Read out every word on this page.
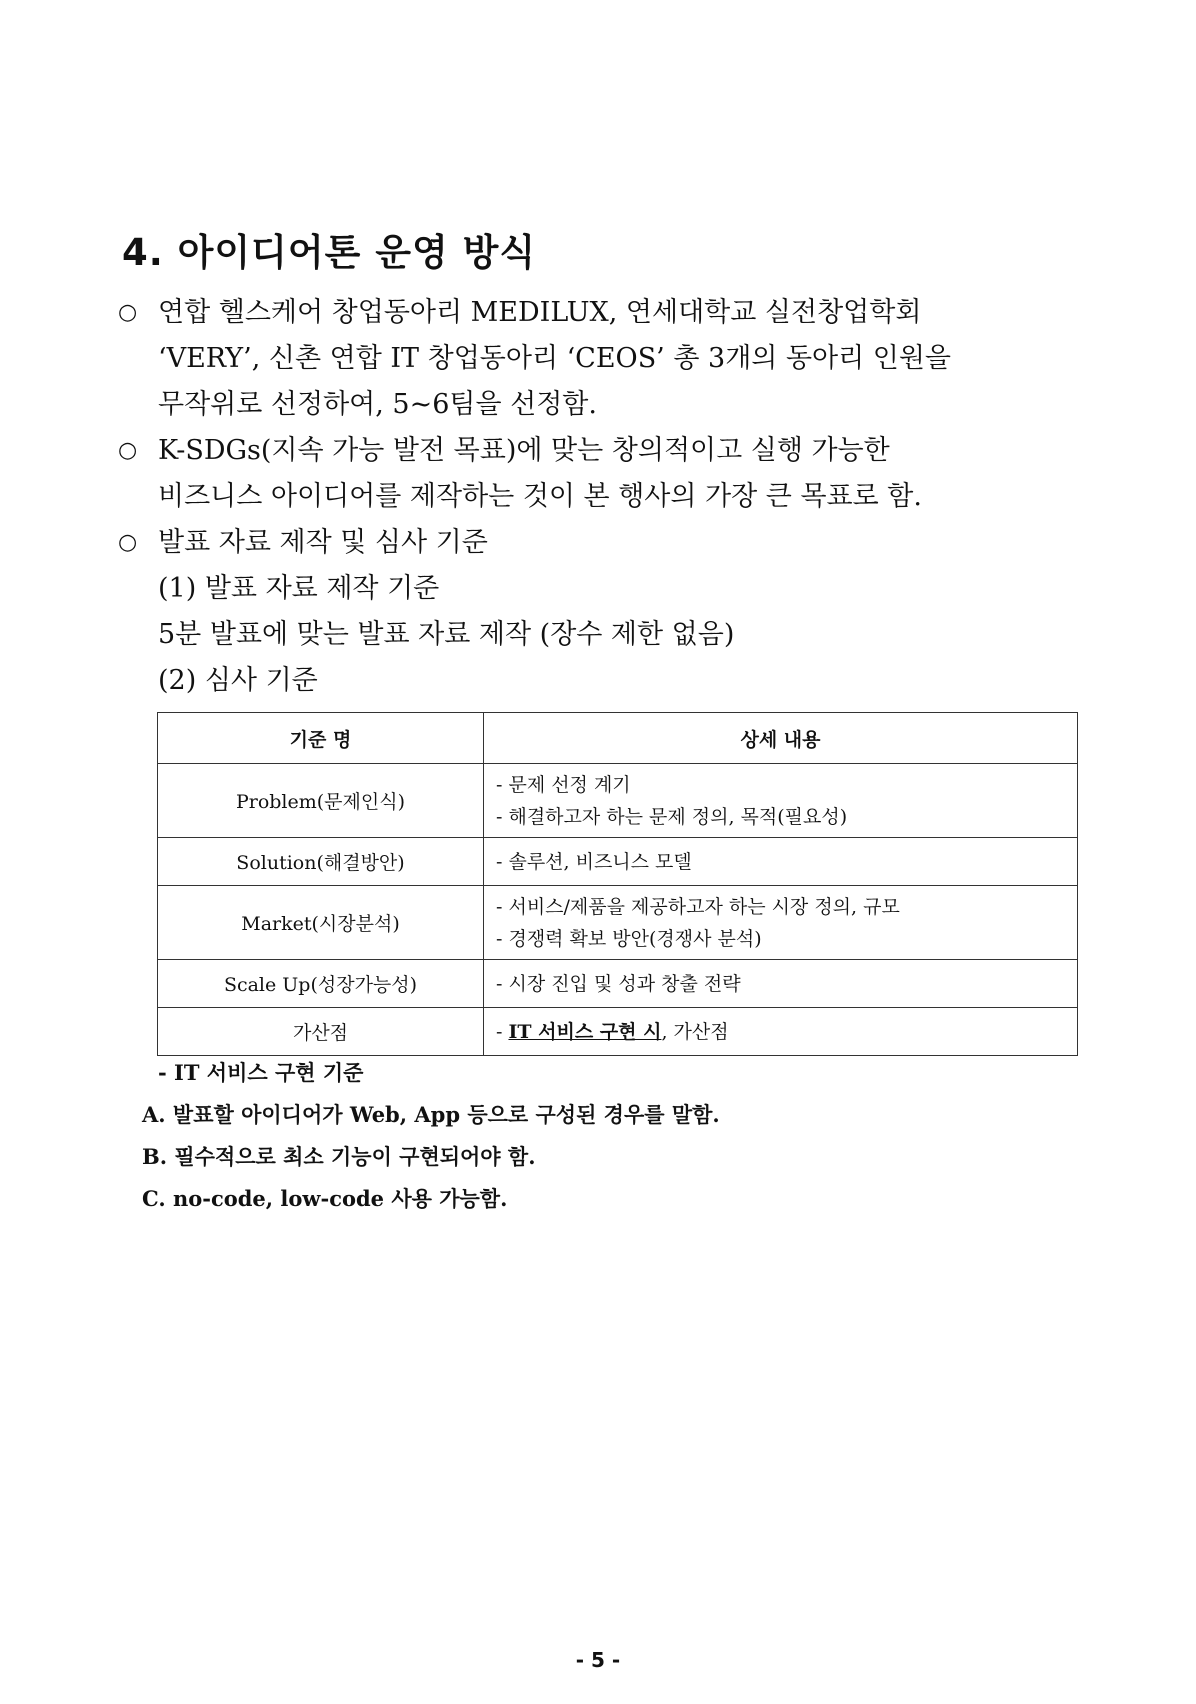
4. 아이디어톤 운영 방식
○ 연합 헬스케어 창업동아리 MEDILUX, 연세대학교 실전창업학회

‘VERY’, 신촌 연합 IT 창업동아리 ‘CEOS’ 총 3개의 동아리 인원을

무작위로 선정하여, 5~6팀을 선정함.

○ K-SDGs(지속 가능 발전 목표)에 맞는 창의적이고 실행 가능한

비즈니스 아이디어를 제작하는 것이 본 행사의 가장 큰 목표로 함.

○ 발표 자료 제작 및 심사 기준

(1) 발표 자료 제작 기준

5분 발표에 맞는 발표 자료 제작 (장수 제한 없음)

(2) 심사 기준

기준 명	상세 내용
Problem(문제인식)	- 문제 선정 계기
- 해결하고자 하는 문제 정의, 목적(필요성)

Solution(해결방안)	- 솔루션, 비즈니스 모델

Market(시장분석)	- 서비스/제품을 제공하고자 하는 시장 정의, 규모
- 경쟁력 확보 방안(경쟁사 분석)

Scale Up(성장가능성)	- 시장 진입 및 성과 창출 전략

가산점	- IT 서비스 구현 시, 가산점

- IT 서비스 구현 기준

A. 발표할 아이디어가 Web, App 등으로 구성된 경우를 말함.

B. 필수적으로 최소 기능이 구현되어야 함.

C. no-code, low-code 사용 가능함.

- 5 -
